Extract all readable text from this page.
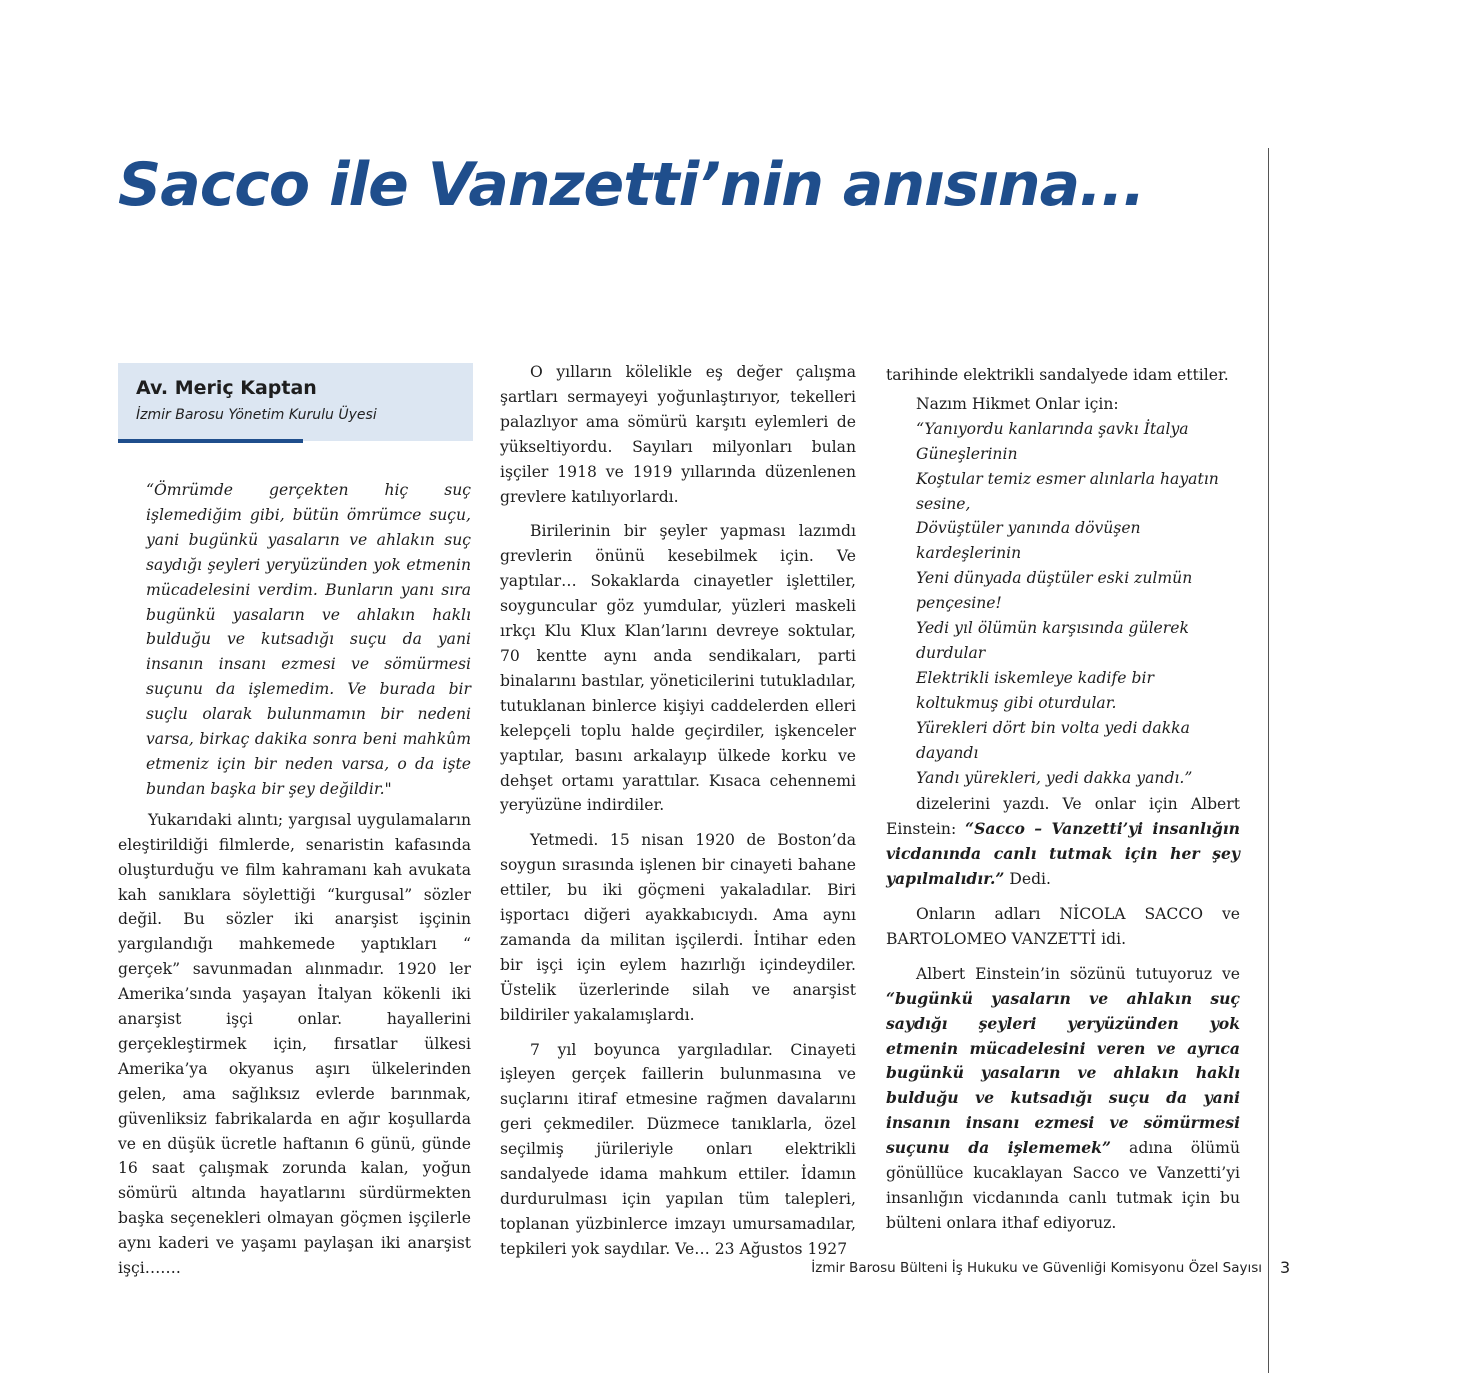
Sacco ile Vanzetti’nin anısına...
Av. Meriç Kaptan
İzmir Barosu Yönetim Kurulu Üyesi

“Ömrümde gerçekten hiç suç işlemediğim gibi, bütün ömrümce suçu, yani bugünkü yasaların ve ahlakın suç saydığı şeyleri yeryüzünden yok etmenin mücadelesini verdim. Bunların yanı sıra bugünkü yasaların ve ahlakın haklı bulduğu ve kutsadığı suçu da yani insanın insanı ezmesi ve sömürmesi suçunu da işlemedim. Ve burada bir suçlu olarak bulunmamın bir nedeni varsa, birkaç dakika sonra beni mahkûm etmeniz için bir neden varsa, o da işte bundan başka bir şey değildir."

Yukarıdaki alıntı; yargısal uygulamaların eleştirildiği filmlerde, senaristin kafasında oluşturduğu ve film kahramanı kah avukata kah sanıklara söylettiği “kurgusal” sözler değil. Bu sözler iki anarşist işçinin yargılandığı mahkemede yaptıkları “ gerçek” savunmadan alınmadır. 1920 ler Amerika’sında yaşayan İtalyan kökenli iki anarşist işçi onlar. hayallerini gerçekleştirmek için, fırsatlar ülkesi Amerika’ya okyanus aşırı ülkelerinden gelen, ama sağlıksız evlerde barınmak, güvenliksiz fabrikalarda en ağır koşullarda ve en düşük ücretle haftanın 6 günü, günde 16 saat çalışmak zorunda kalan, yoğun sömürü altında hayatlarını sürdürmekten başka seçenekleri olmayan göçmen işçilerle aynı kaderi ve yaşamı paylaşan iki anarşist işçi…….

O yılların kölelikle eş değer çalışma şartları sermayeyi yoğunlaştırıyor, tekelleri palazlıyor ama sömürü karşıtı eylemleri de yükseltiyordu. Sayıları milyonları bulan işçiler 1918 ve 1919 yıllarında düzenlenen grevlere katılıyorlardı.

Birilerinin bir şeyler yapması lazımdı grevlerin önünü kesebilmek için. Ve yaptılar… Sokaklarda cinayetler işlettiler, soyguncular göz yumdular, yüzleri maskeli ırkçı Klu Klux Klan’larını devreye soktular, 70 kentte aynı anda sendikaları, parti binalarını bastılar, yöneticilerini tutukladılar, tutuklanan binlerce kişiyi caddelerden elleri kelepçeli toplu halde geçirdiler, işkenceler yaptılar, basını arkalayıp ülkede korku ve dehşet ortamı yarattılar. Kısaca cehennemi yeryüzüne indirdiler.

Yetmedi. 15 nisan 1920 de Boston’da soygun sırasında işlenen bir cinayeti bahane ettiler, bu iki göçmeni yakaladılar. Biri işportacı diğeri ayakkabıcıydı. Ama aynı zamanda da militan işçilerdi. İntihar eden bir işçi için eylem hazırlığı içindeydiler. Üstelik üzerlerinde silah ve anarşist bildiriler yakalamışlardı.

7 yıl boyunca yargıladılar. Cinayeti işleyen gerçek faillerin bulunmasına ve suçlarını itiraf etmesine rağmen davalarını geri çekmediler. Düzmece tanıklarla, özel seçilmiş jürileriyle onları elektrikli sandalyede idama mahkum ettiler. İdamın durdurulması için yapılan tüm talepleri, toplanan yüzbinlerce imzayı umursamadılar, tepkileri yok saydılar. Ve… 23 Ağustos 1927

tarihinde elektrikli sandalyede idam ettiler.

Nazım Hikmet Onlar için:
“Yanıyordu kanlarında şavkı İtalya
Güneşlerinin
Koştular temiz esmer alınlarla hayatın
sesine,
Dövüştüler yanında dövüşen
kardeşlerinin
Yeni dünyada düştüler eski zulmün
pençesine!
Yedi yıl ölümün karşısında gülerek
durdular
Elektrikli iskemleye kadife bir
koltukmuş gibi oturdular.
Yürekleri dört bin volta yedi dakka
dayandı
Yandı yürekleri, yedi dakka yandı.”

dizelerini yazdı. Ve onlar için Albert Einstein: “Sacco – Vanzetti’yi insanlığın vicdanında canlı tutmak için her şey yapılmalıdır.” Dedi.

Onların adları NİCOLA SACCO ve BARTOLOMEO VANZETTİ idi.

Albert Einstein’in sözünü tutuyoruz ve “bugünkü yasaların ve ahlakın suç saydığı şeyleri yeryüzünden yok etmenin mücadelesini veren ve ayrıca bugünkü yasaların ve ahlakın haklı bulduğu ve kutsadığı suçu da yani insanın insanı ezmesi ve sömürmesi suçunu da işlememek” adına ölümü gönüllüce kucaklayan Sacco ve Vanzetti’yi insanlığın vicdanında canlı tutmak için bu bülteni onlara ithaf ediyoruz.

İzmir Barosu Bülteni İş Hukuku ve Güvenliği Komisyonu Özel Sayısı 3
